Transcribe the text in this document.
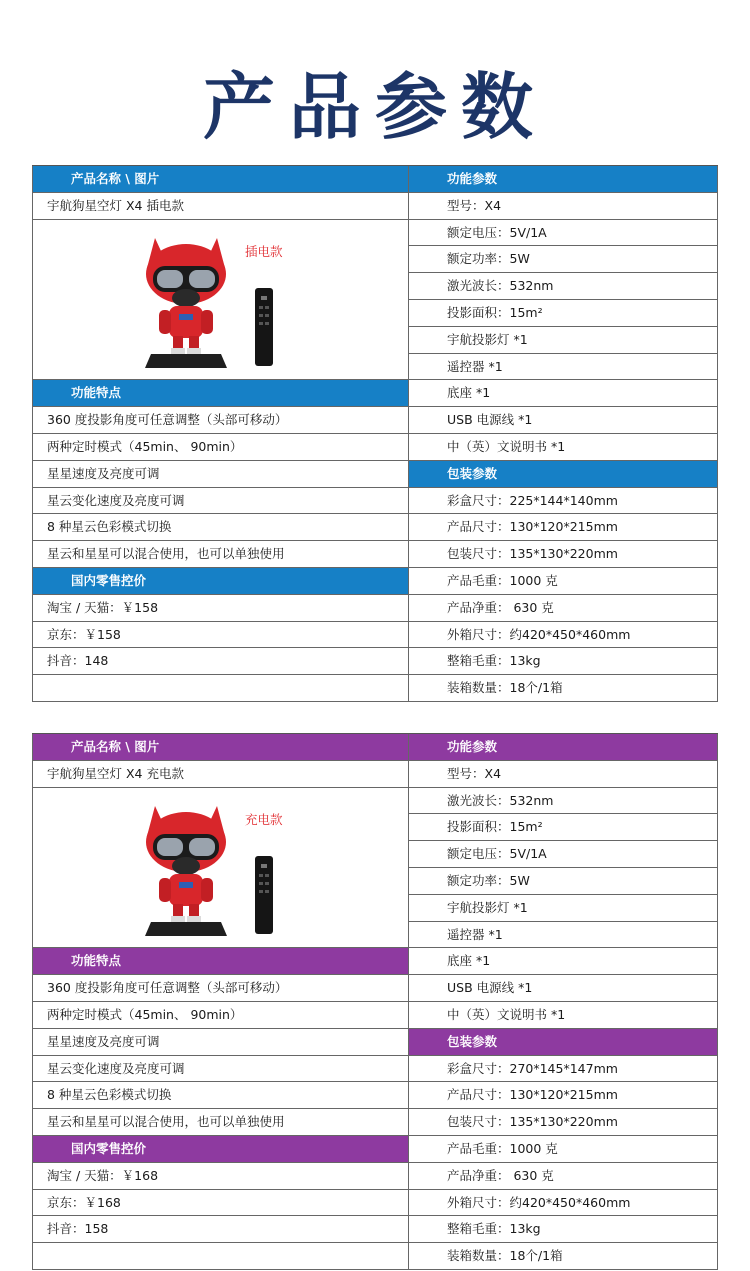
产品参数
产品名称 \ 图片	功能参数
宇航狗星空灯 X4 插电款	型号：X4
插电款
额定电压：5V/1A
额定功率：5W
激光波长：532nm
投影面积：15m²
宇航投影灯 *1
遥控器 *1
功能特点	底座 *1
360 度投影角度可任意调整（头部可移动）	USB 电源线 *1
两种定时模式（45min、 90min）	中（英）文说明书 *1
星星速度及亮度可调	包装参数
星云变化速度及亮度可调	彩盒尺寸：225*144*140mm
8 种星云色彩模式切换	产品尺寸：130*120*215mm
星云和星星可以混合使用，也可以单独使用	包装尺寸：135*130*220mm
国内零售控价	产品毛重：1000 克
淘宝 / 天猫：￥158	产品净重： 630 克
京东：￥158	外箱尺寸：约420*450*460mm
抖音：148	整箱毛重：13kg
装箱数量：18个/1箱
产品名称 \ 图片	功能参数
宇航狗星空灯 X4 充电款	型号：X4
充电款
激光波长：532nm
投影面积：15m²
额定电压：5V/1A
额定功率：5W
宇航投影灯 *1
遥控器 *1
功能特点	底座 *1
360 度投影角度可任意调整（头部可移动）	USB 电源线 *1
两种定时模式（45min、 90min）	中（英）文说明书 *1
星星速度及亮度可调	包装参数
星云变化速度及亮度可调	彩盒尺寸：270*145*147mm
8 种星云色彩模式切换	产品尺寸：130*120*215mm
星云和星星可以混合使用，也可以单独使用	包装尺寸：135*130*220mm
国内零售控价	产品毛重：1000 克
淘宝 / 天猫：￥168	产品净重： 630 克
京东：￥168	外箱尺寸：约420*450*460mm
抖音：158	整箱毛重：13kg
装箱数量：18个/1箱
